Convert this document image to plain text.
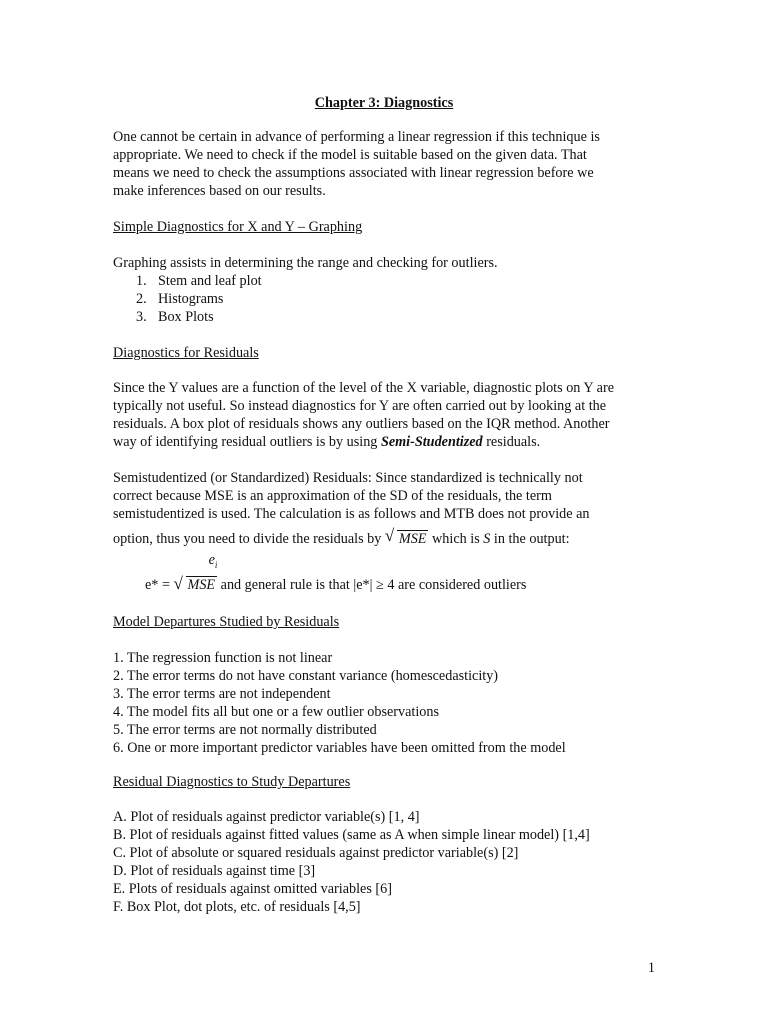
Chapter 3: Diagnostics
One cannot be certain in advance of performing a linear regression if this technique is
appropriate. We need to check if the model is suitable based on the given data. That
means we need to check the assumptions associated with linear regression before we
make inferences based on our results.
Simple Diagnostics for X and Y – Graphing
Graphing assists in determining the range and checking for outliers.
1. Stem and leaf plot
2. Histograms
3. Box Plots
Diagnostics for Residuals
Since the Y values are a function of the level of the X variable, diagnostic plots on Y are
typically not useful. So instead diagnostics for Y are often carried out by looking at the
residuals. A box plot of residuals shows any outliers based on the IQR method. Another
way of identifying residual outliers is by using Semi-Studentized residuals.
Semistudentized (or Standardized) Residuals: Since standardized is technically not
correct because MSE is an approximation of the SD of the residuals, the term
semistudentized is used. The calculation is as follows and MTB does not provide an
option, thus you need to divide the residuals by √ MSE which is S in the output:
$e_i$
e* = √ MSE and general rule is that |e*| ≥ 4 are considered outliers
Model Departures Studied by Residuals
1. The regression function is not linear
2. The error terms do not have constant variance (homescedasticity)
3. The error terms are not independent
4. The model fits all but one or a few outlier observations
5. The error terms are not normally distributed
6. One or more important predictor variables have been omitted from the model
Residual Diagnostics to Study Departures
A. Plot of residuals against predictor variable(s) [1, 4]
B. Plot of residuals against fitted values (same as A when simple linear model) [1,4]
C. Plot of absolute or squared residuals against predictor variable(s) [2]
D. Plot of residuals against time [3]
E. Plots of residuals against omitted variables [6]
F. Box Plot, dot plots, etc. of residuals [4,5]
1
